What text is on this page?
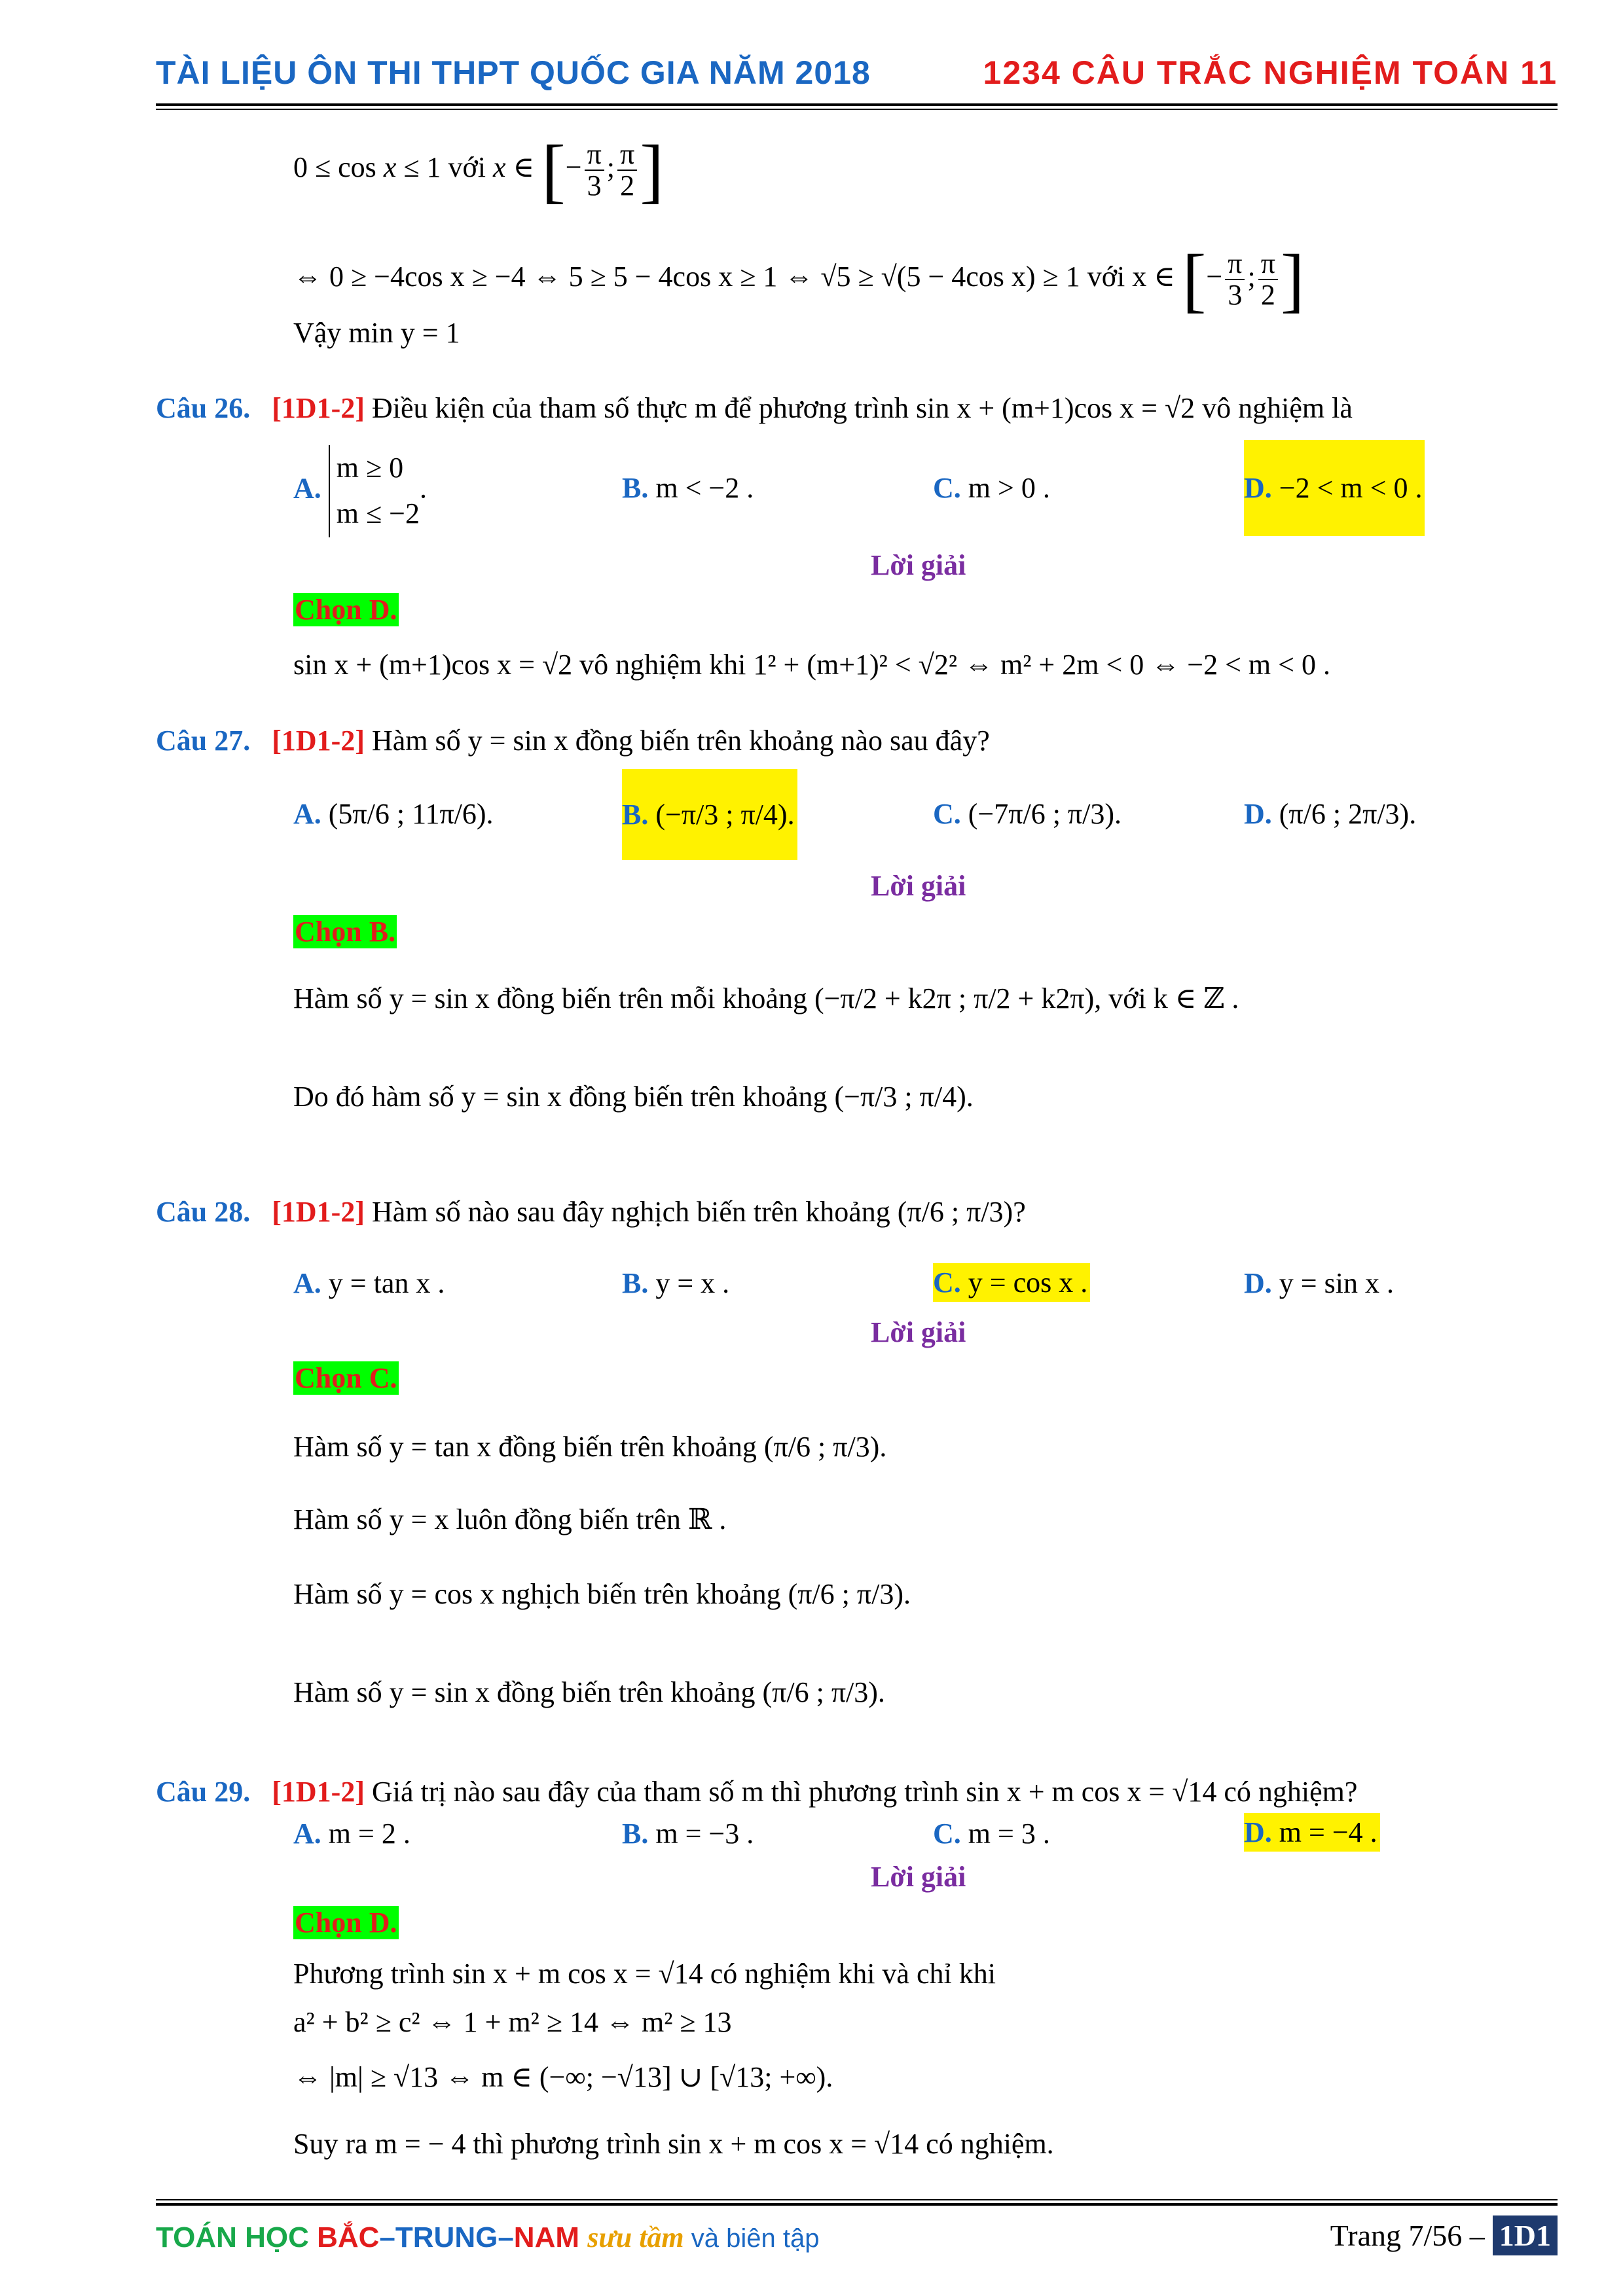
TÀI LIỆU ÔN THI THPT QUỐC GIA NĂM 2018	1234 CÂU TRẮC NGHIỆM TOÁN 11
0 ≤ cos x ≤ 1 với x ∈ [− $\frac{\pi}{3}$ ; $\frac{\pi}{2}$ ]
⇔ 0 ≥ −4cos x ≥ −4 ⇔ 5 ≥ 5 − 4cos x ≥ 1 ⇔ √5 ≥ √(5 − 4cos x) ≥ 1 với x ∈ [− $\frac{\pi}{3}$ ; $\frac{\pi}{2}$ ]
Vậy min y = 1
Câu 26. [1D1-2] Điều kiện của tham số thực m để phương trình sin x + (m+1)cos x = √2 vô nghiệm là
A.
m ≥ 0
m ≤ −2
.	B. m < −2 .	C. m > 0 .	D. −2 < m < 0 .
Lời giải
Chọn D.
sin x + (m+1)cos x = √2 vô nghiệm khi 1² + (m+1)² < √2² ⇔ m² + 2m < 0 ⇔ −2 < m < 0 .
Câu 27. [1D1-2] Hàm số y = sin x đồng biến trên khoảng nào sau đây?
A. (5π/6 ; 11π/6).	B. (−π/3 ; π/4).	C. (−7π/6 ; π/3).	D. (π/6 ; 2π/3).
Lời giải
Chọn B.
Hàm số y = sin x đồng biến trên mỗi khoảng (−π/2 + k2π ; π/2 + k2π), với k ∈ ℤ .
Do đó hàm số y = sin x đồng biến trên khoảng (−π/3 ; π/4).
Câu 28. [1D1-2] Hàm số nào sau đây nghịch biến trên khoảng (π/6 ; π/3)?
A. y = tan x .	B. y = x .	C. y = cos x .	D. y = sin x .
Lời giải
Chọn C.
Hàm số y = tan x đồng biến trên khoảng (π/6 ; π/3).
Hàm số y = x luôn đồng biến trên ℝ .
Hàm số y = cos x nghịch biến trên khoảng (π/6 ; π/3).
Hàm số y = sin x đồng biến trên khoảng (π/6 ; π/3).
Câu 29. [1D1-2] Giá trị nào sau đây của tham số m thì phương trình sin x + m cos x = √14 có nghiệm?
A. m = 2 .	B. m = −3 .	C. m = 3 .	D. m = −4 .
Lời giải
Chọn D.
Phương trình sin x + m cos x = √14 có nghiệm khi và chỉ khi
a² + b² ≥ c² ⇔ 1 + m² ≥ 14 ⇔ m² ≥ 13
⇔ |m| ≥ √13 ⇔ m ∈ (−∞; −√13] ∪ [√13; +∞).
Suy ra m = − 4 thì phương trình sin x + m cos x = √14 có nghiệm.
TOÁN HỌC BẮC–TRUNG–NAM sưu tầm và biên tập	Trang 7/56 – 1D1
